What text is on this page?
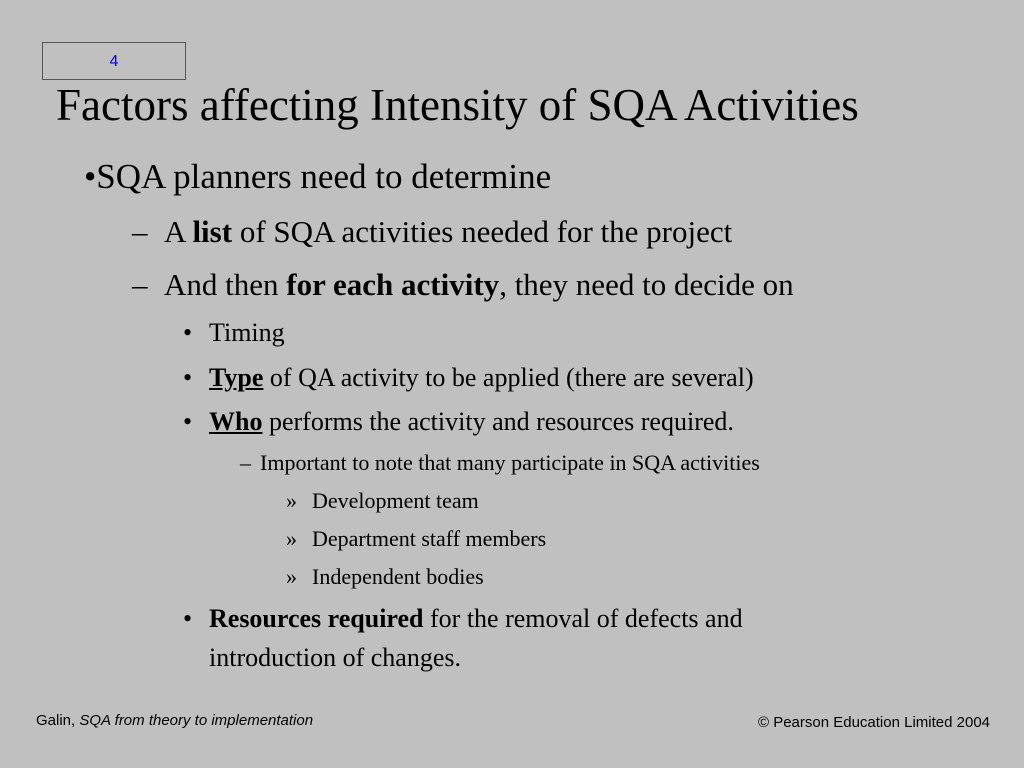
4
Factors affecting Intensity of SQA Activities
•SQA planners need to determine
– A list of SQA activities needed for the project
– And then for each activity, they need to decide on
• Timing
• Type of QA activity to be applied (there are several)
• Who performs the activity and resources required.
– Important to note that many participate in SQA activities
» Development team
» Department staff members
» Independent bodies
• Resources required for the removal of defects and
introduction of changes.
Galin, SQA from theory to implementation	© Pearson Education Limited 2004
